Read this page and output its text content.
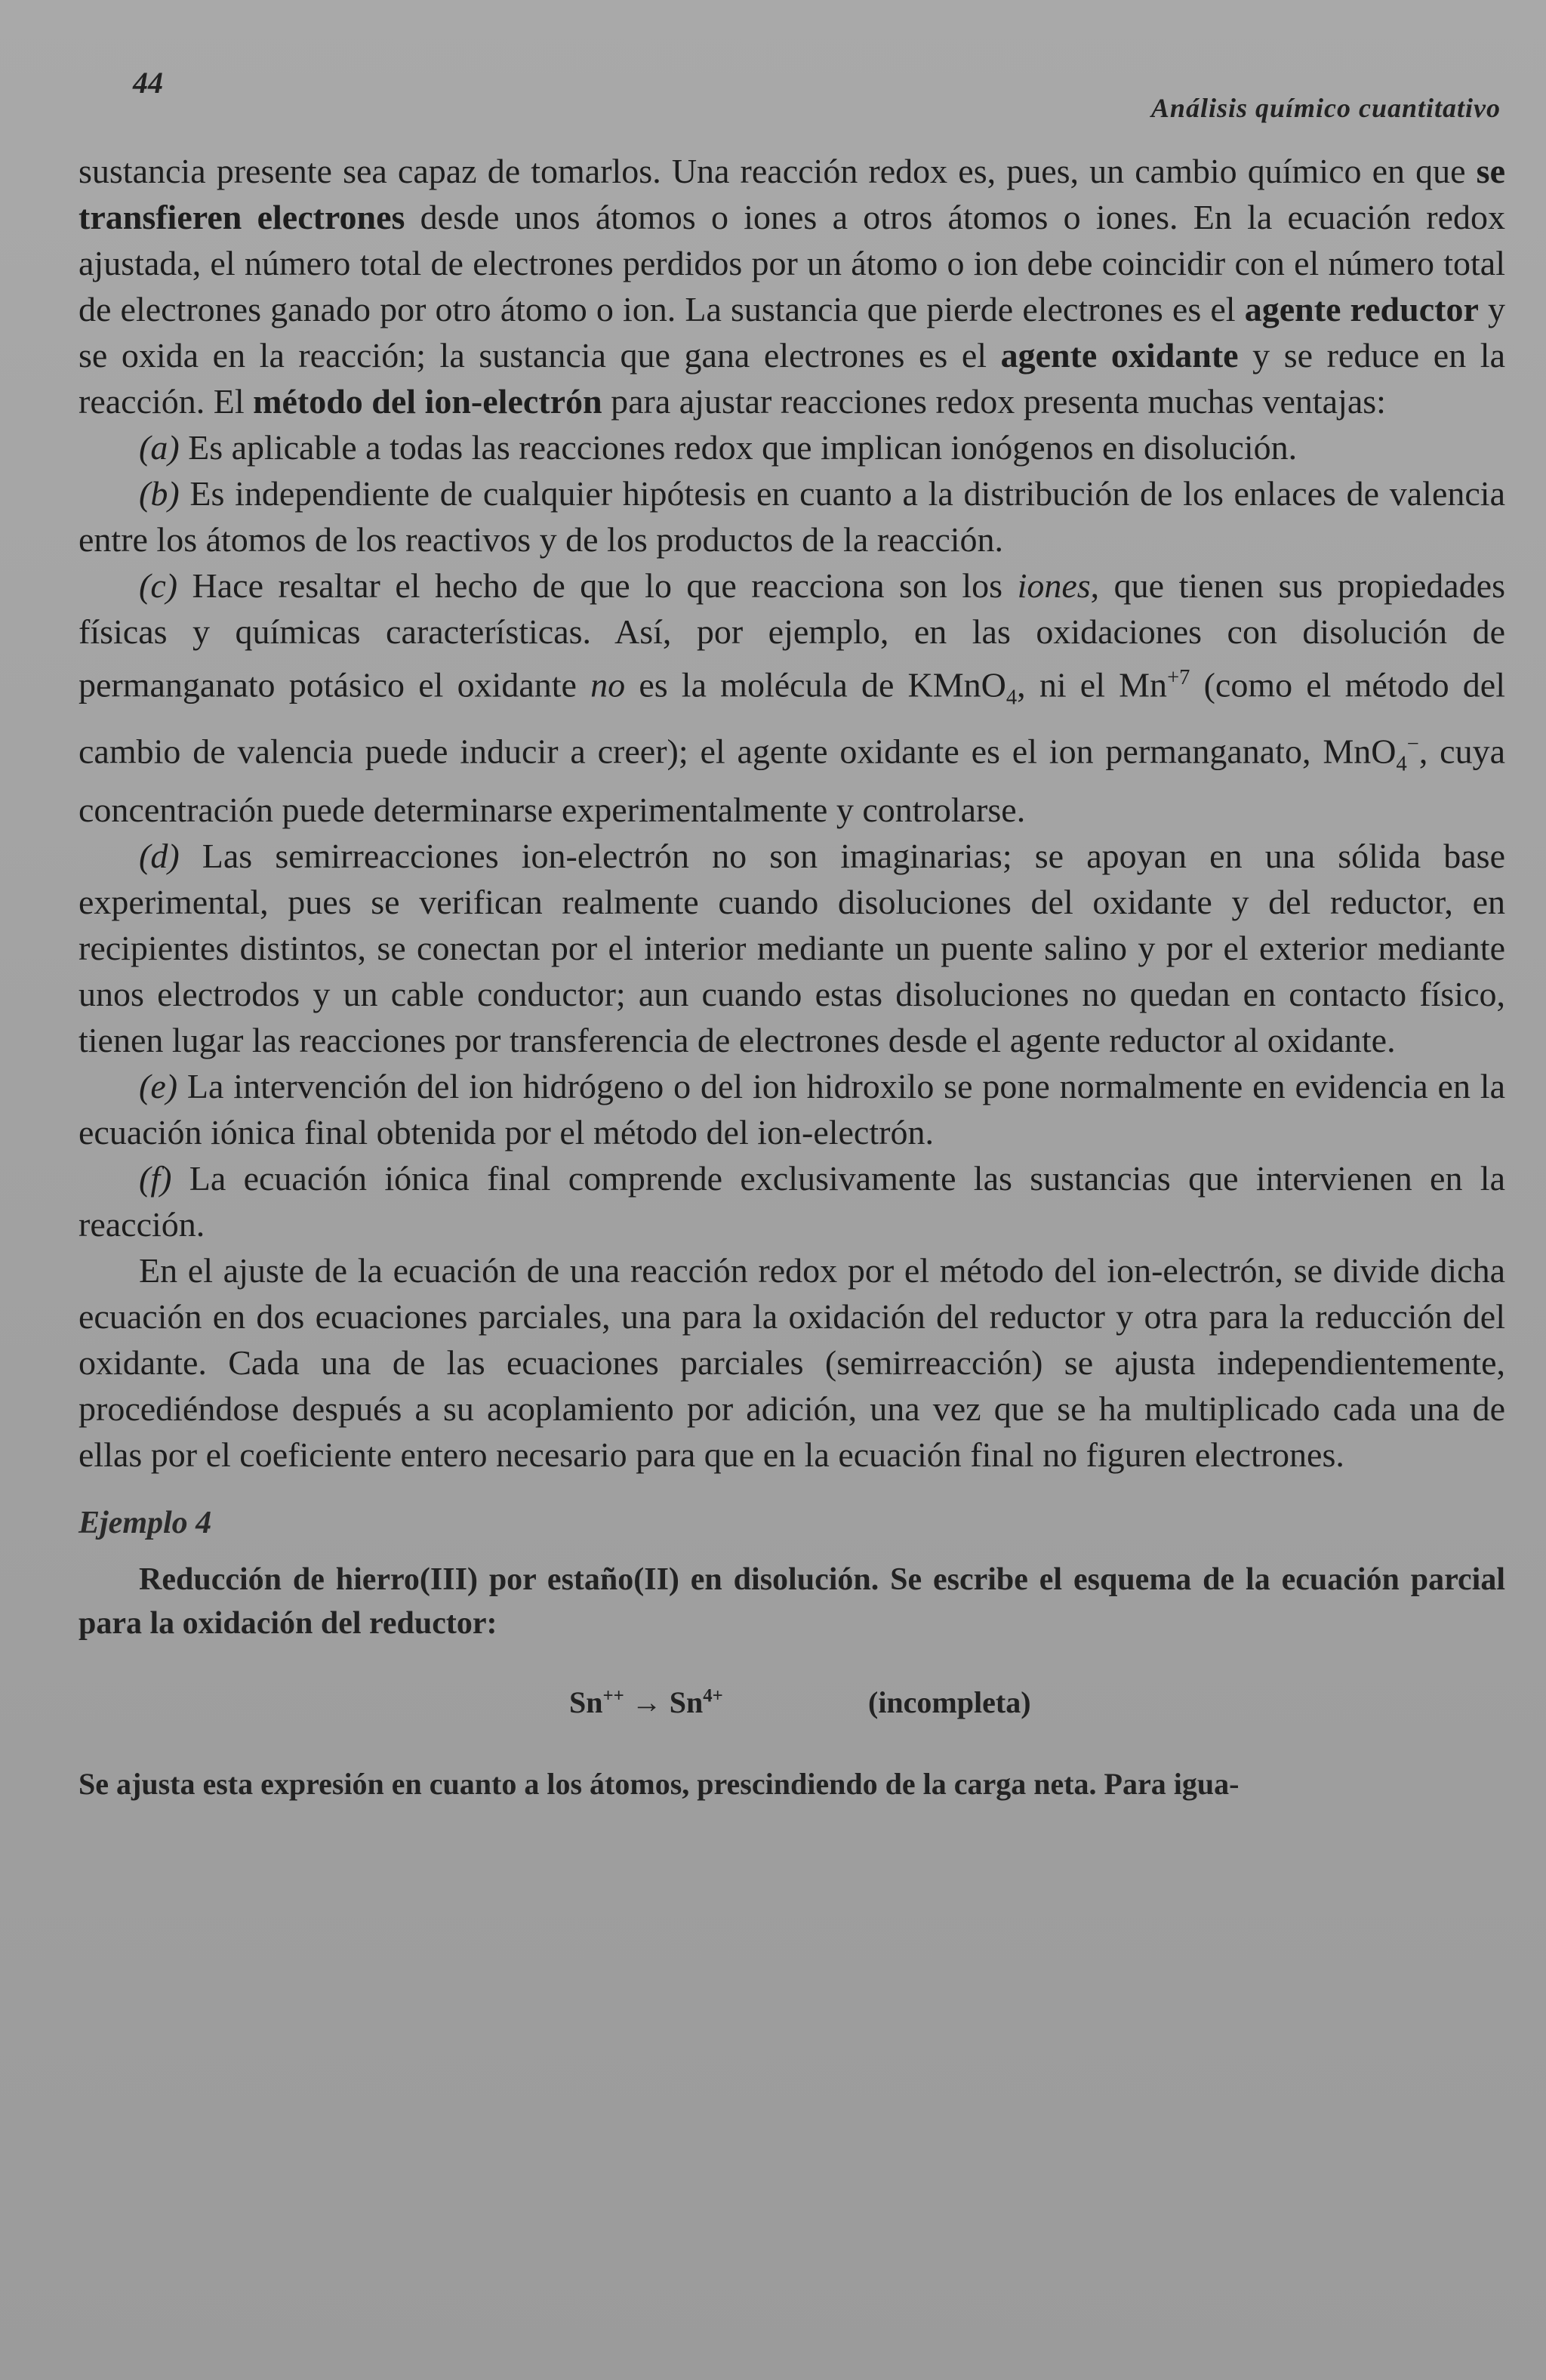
44
Análisis químico cuantitativo

sustancia presente sea capaz de tomarlos. Una reacción redox es, pues, un cambio químico en que se transfieren electrones desde unos átomos o iones a otros átomos o iones. En la ecuación redox ajustada, el número total de electrones perdidos por un átomo o ion debe coincidir con el número total de electrones ganado por otro átomo o ion. La sustancia que pierde electrones es el agente reductor y se oxida en la reacción; la sustancia que gana electrones es el agente oxidante y se reduce en la reacción. El método del ion-electrón para ajustar reacciones redox presenta muchas ventajas:

(a) Es aplicable a todas las reacciones redox que implican ionógenos en disolución.

(b) Es independiente de cualquier hipótesis en cuanto a la distribución de los enlaces de valencia entre los átomos de los reactivos y de los productos de la reacción.

(c) Hace resaltar el hecho de que lo que reacciona son los iones, que tienen sus propiedades físicas y químicas características. Así, por ejemplo, en las oxidaciones con disolución de permanganato potásico el oxidante no es la molécula de KMnO$_4$, ni el $Mn^{+7}$ (como el método del cambio de valencia puede inducir a creer); el agente oxidante es el ion permanganato, MnO$_4$−, cuya concentración puede determinarse experimentalmente y controlarse.

(d) Las semirreacciones ion-electrón no son imaginarias; se apoyan en una sólida base experimental, pues se verifican realmente cuando disoluciones del oxidante y del reductor, en recipientes distintos, se conectan por el interior mediante un puente salino y por el exterior mediante unos electrodos y un cable conductor; aun cuando estas disoluciones no quedan en contacto físico, tienen lugar las reacciones por transferencia de electrones desde el agente reductor al oxidante.

(e) La intervención del ion hidrógeno o del ion hidroxilo se pone normalmente en evidencia en la ecuación iónica final obtenida por el método del ion-electrón.

(f) La ecuación iónica final comprende exclusivamente las sustancias que intervienen en la reacción.

En el ajuste de la ecuación de una reacción redox por el método del ion-electrón, se divide dicha ecuación en dos ecuaciones parciales, una para la oxidación del reductor y otra para la reducción del oxidante. Cada una de las ecuaciones parciales (semirreacción) se ajusta independientemente, procediéndose después a su acoplamiento por adición, una vez que se ha multiplicado cada una de ellas por el coeficiente entero necesario para que en la ecuación final no figuren electrones.

Ejemplo 4

Reducción de hierro(III) por estaño(II) en disolución. Se escribe el esquema de la ecuación parcial para la oxidación del reductor:

$Sn^{++} \to Sn^{4+}$	(incompleta)

Se ajusta esta expresión en cuanto a los átomos, prescindiendo de la carga neta. Para igua-
